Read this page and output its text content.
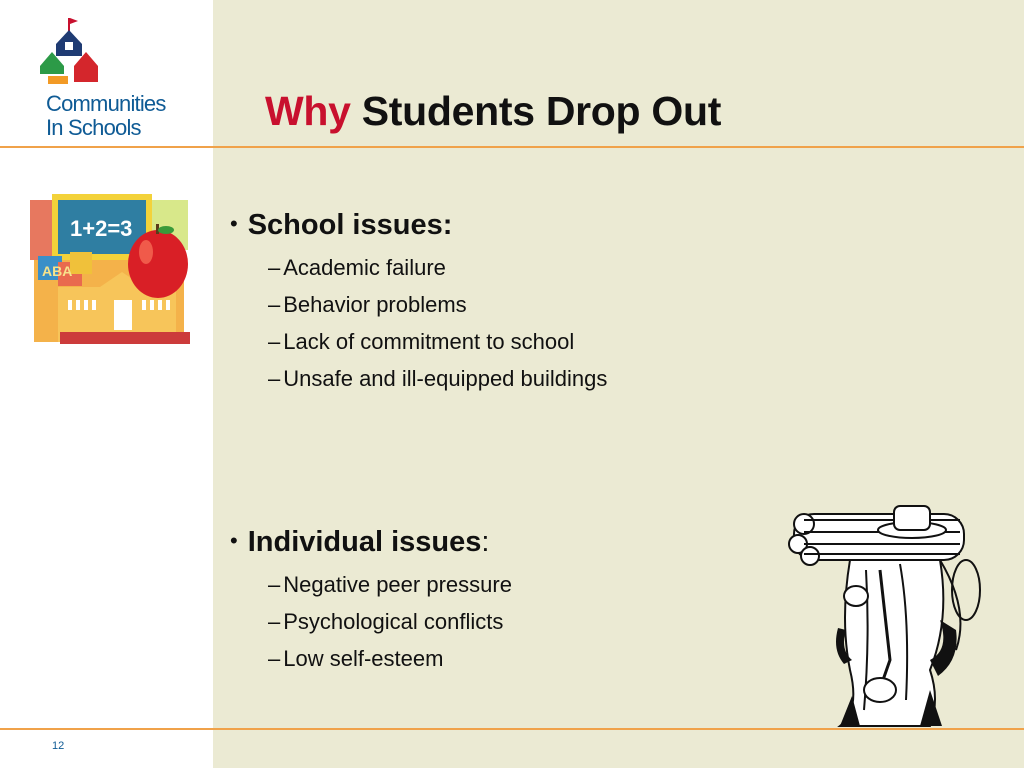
Communities
In Schools
1+2=3
ABA
12
Why Students Drop Out
• School issues:
– Academic failure
– Behavior problems
– Lack of commitment to school
– Unsafe and ill-equipped buildings
• Individual issues:
– Negative peer pressure
– Psychological conflicts
– Low self-esteem
